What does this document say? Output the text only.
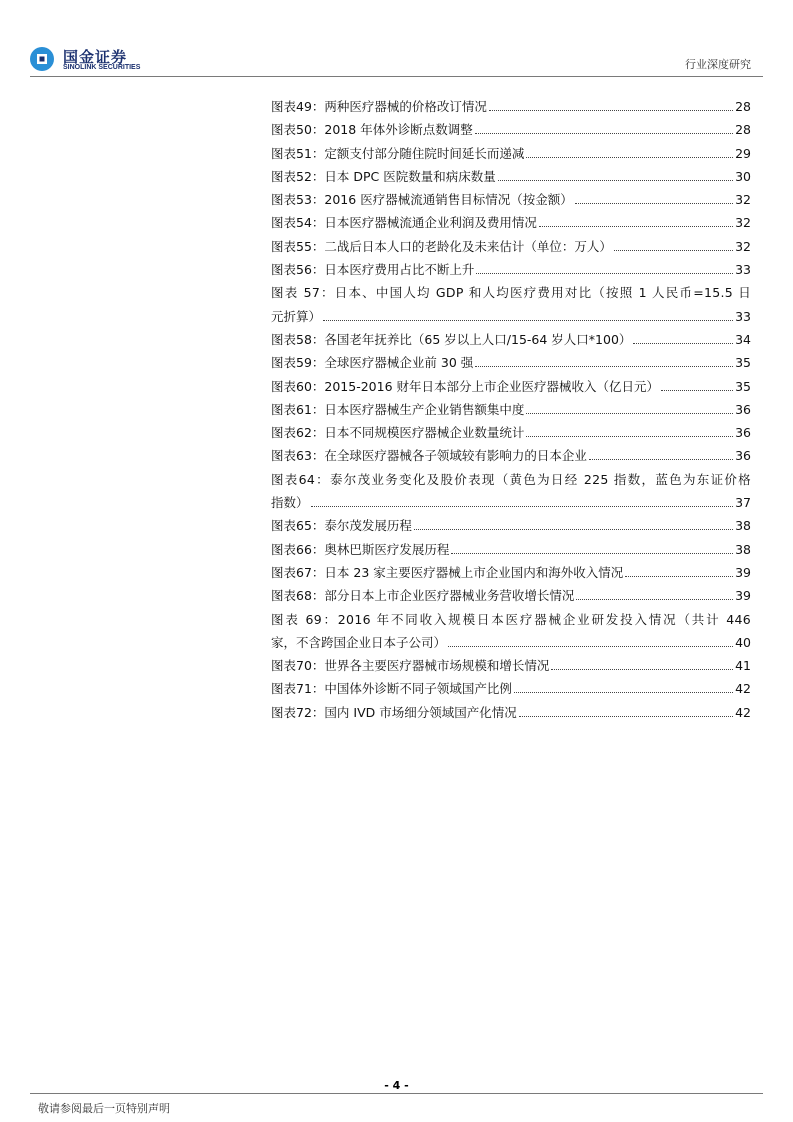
国金证券
SINOLINK SECURITIES	行业深度研究
图表49：两种医疗器械的价格改订情况	28
图表50：2018 年体外诊断点数调整	28
图表51：定额支付部分随住院时间延长而递减	29
图表52：日本 DPC 医院数量和病床数量	30
图表53：2016 医疗器械流通销售目标情况（按金额）	32
图表54：日本医疗器械流通企业利润及费用情况	32
图表55：二战后日本人口的老龄化及未来估计（单位：万人）	32
图表56：日本医疗费用占比不断上升	33
图表 57：日本、中国人均 GDP 和人均医疗费用对比（按照 1 人民币=15.5 日
元折算）	33
图表58：各国老年抚养比（65 岁以上人口/15-64 岁人口*100）	34
图表59：全球医疗器械企业前 30 强	35
图表60：2015-2016 财年日本部分上市企业医疗器械收入（亿日元）	35
图表61：日本医疗器械生产企业销售额集中度	36
图表62：日本不同规模医疗器械企业数量统计	36
图表63：在全球医疗器械各子领域较有影响力的日本企业	36
图表64：泰尔茂业务变化及股价表现（黄色为日经 225 指数，蓝色为东证价格
指数）	37
图表65：泰尔茂发展历程	38
图表66：奥林巴斯医疗发展历程	38
图表67：日本 23 家主要医疗器械上市企业国内和海外收入情况	39
图表68：部分日本上市企业医疗器械业务营收增长情况	39
图表 69：2016 年不同收入规模日本医疗器械企业研发投入情况（共计 446
家，不含跨国企业日本子公司）	40
图表70：世界各主要医疗器械市场规模和增长情况	41
图表71：中国体外诊断不同子领域国产比例	42
图表72：国内 IVD 市场细分领域国产化情况	42
- 4 -
敬请参阅最后一页特别声明
